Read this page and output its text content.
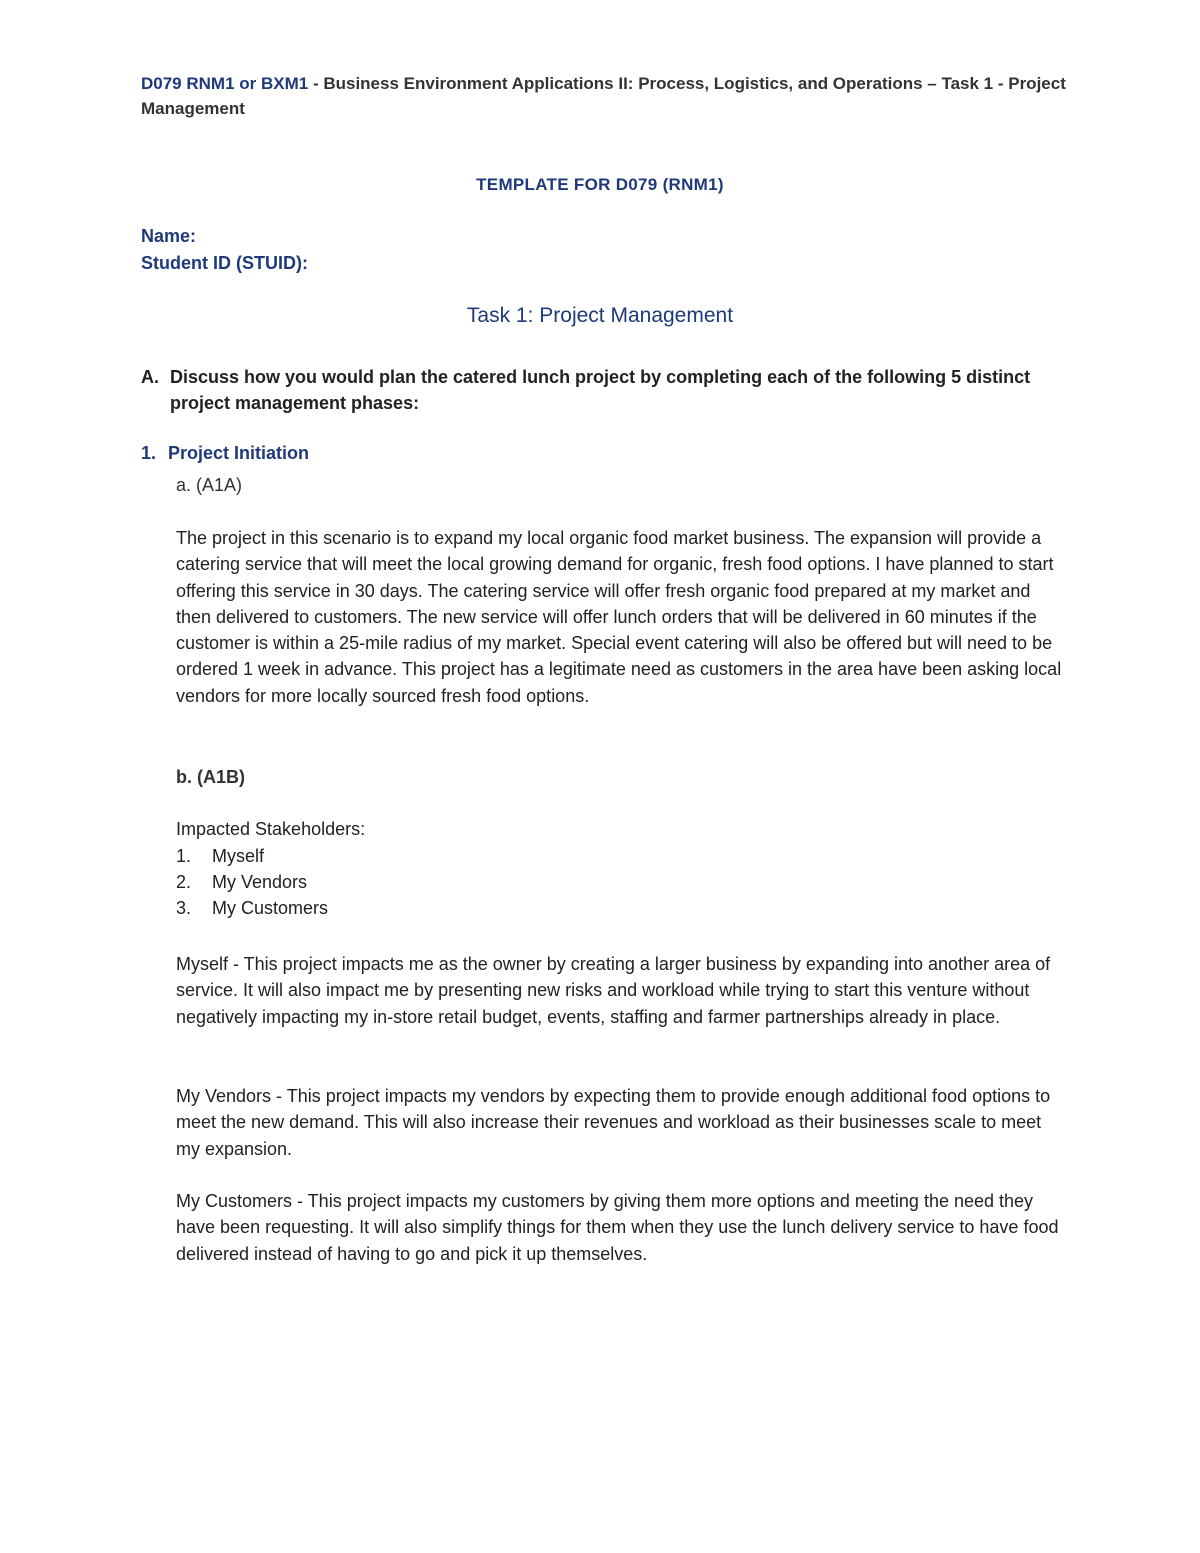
D079 RNM1 or BXM1 - Business Environment Applications II: Process, Logistics, and Operations – Task 1 - Project Management
TEMPLATE FOR D079 (RNM1)
Name:
Student ID (STUID):
Task 1: Project Management
A. Discuss how you would plan the catered lunch project by completing each of the following 5 distinct project management phases:
1. Project Initiation
a. (A1A)

The project in this scenario is to expand my local organic food market business. The expansion will provide a catering service that will meet the local growing demand for organic, fresh food options. I have planned to start offering this service in 30 days. The catering service will offer fresh organic food prepared at my market and then delivered to customers. The new service will offer lunch orders that will be delivered in 60 minutes if the customer is within a 25-mile radius of my market. Special event catering will also be offered but will need to be ordered 1 week in advance. This project has a legitimate need as customers in the area have been asking local vendors for more locally sourced fresh food options.

b. (A1B)
Impacted Stakeholders:
1. Myself
2. My Vendors
3. My Customers

Myself - This project impacts me as the owner by creating a larger business by expanding into another area of service. It will also impact me by presenting new risks and workload while trying to start this venture without negatively impacting my in-store retail budget, events, staffing and farmer partnerships already in place.

My Vendors - This project impacts my vendors by expecting them to provide enough additional food options to meet the new demand. This will also increase their revenues and workload as their businesses scale to meet my expansion.

My Customers - This project impacts my customers by giving them more options and meeting the need they have been requesting. It will also simplify things for them when they use the lunch delivery service to have food delivered instead of having to go and pick it up themselves.
